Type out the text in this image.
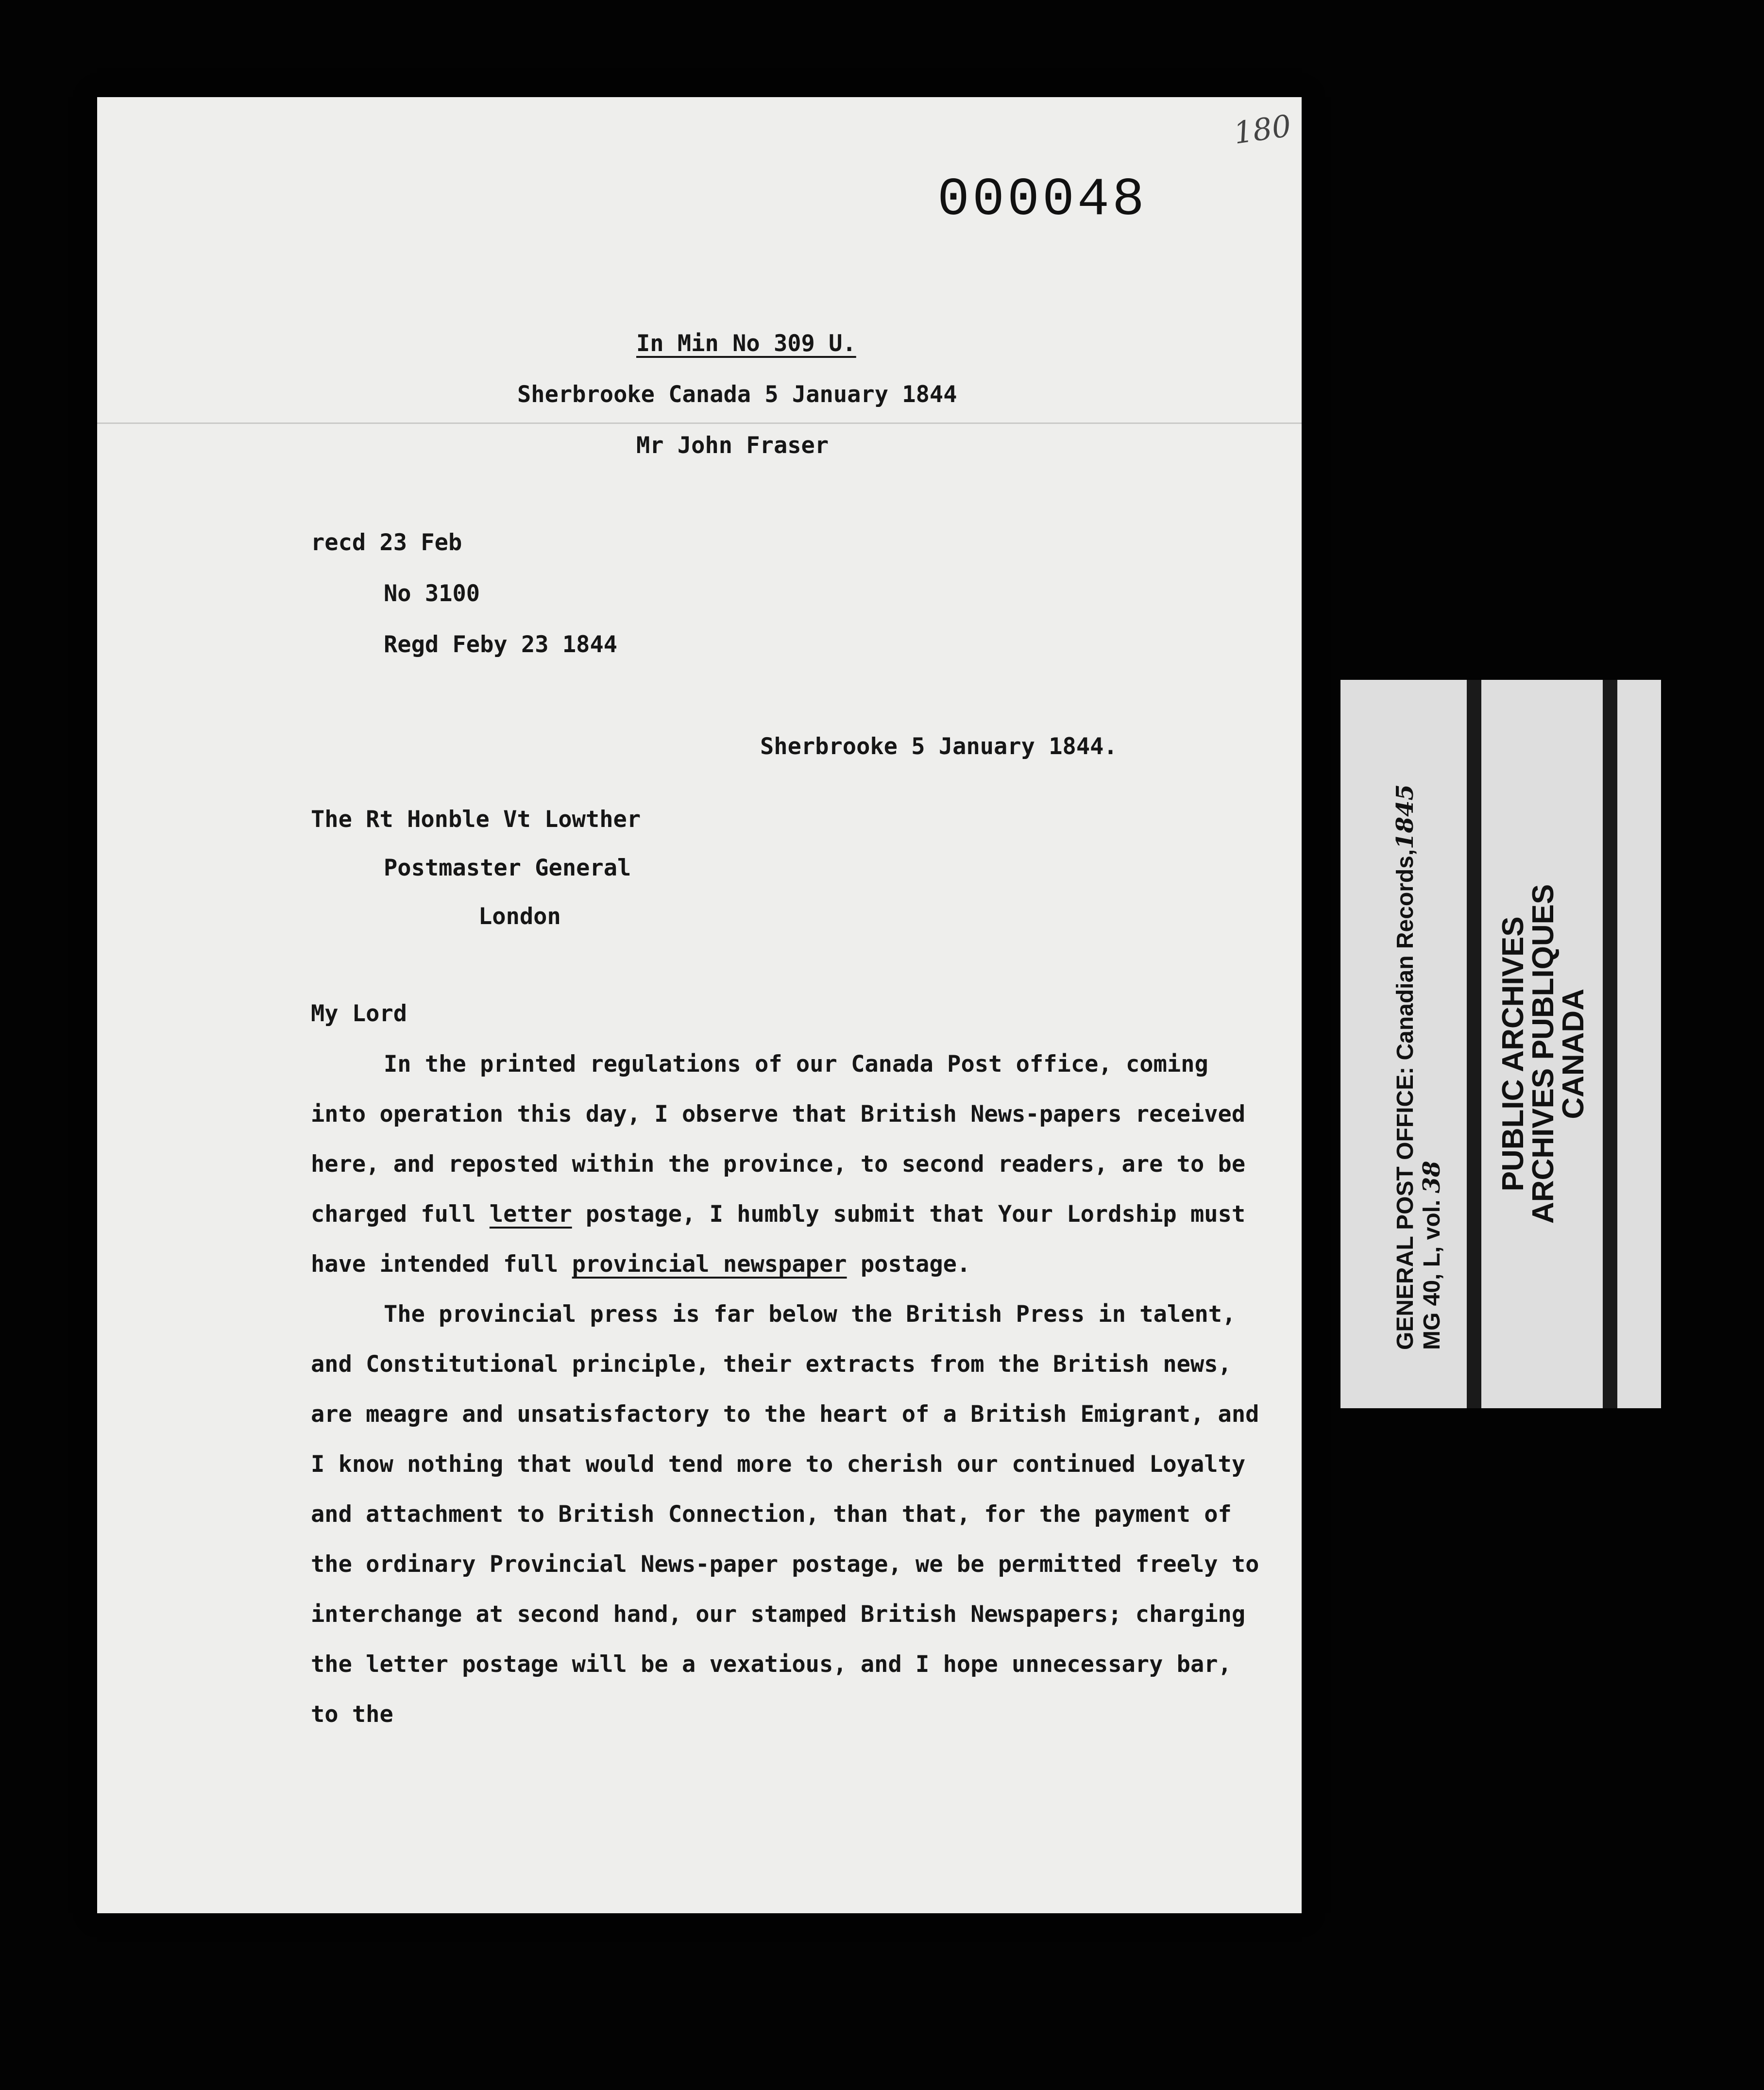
180
000048
In Min No 309 U.
Sherbrooke Canada 5 January 1844
Mr John Fraser
recd 23 Feb
No 3100
Regd Feby 23 1844
Sherbrooke 5 January 1844.
The Rt Honble Vt Lowther
Postmaster General
London
My Lord

In the printed regulations of our Canada Post office, coming into operation this day, I observe that British News-papers received here, and reposted within the province, to second readers, are to be charged full letter postage, I humbly submit that Your Lordship must have intended full provincial newspaper postage.

The provincial press is far below the British Press in talent, and Constitutional principle, their extracts from the British news, are meagre and unsatisfactory to the heart of a British Emigrant, and I know nothing that would tend more to cherish our continued Loyalty and attachment to British Connection, than that, for the payment of the ordinary Provincial News-paper postage, we be permitted freely to interchange at second hand, our stamped British Newspapers; charging the letter postage will be a vexatious, and I hope unnecessary bar, to the

GENERAL POST OFFICE: Canadian Records,1845
MG 40, L, vol. 38 PUBLIC ARCHIVES
ARCHIVES PUBLIQUES
CANADA
